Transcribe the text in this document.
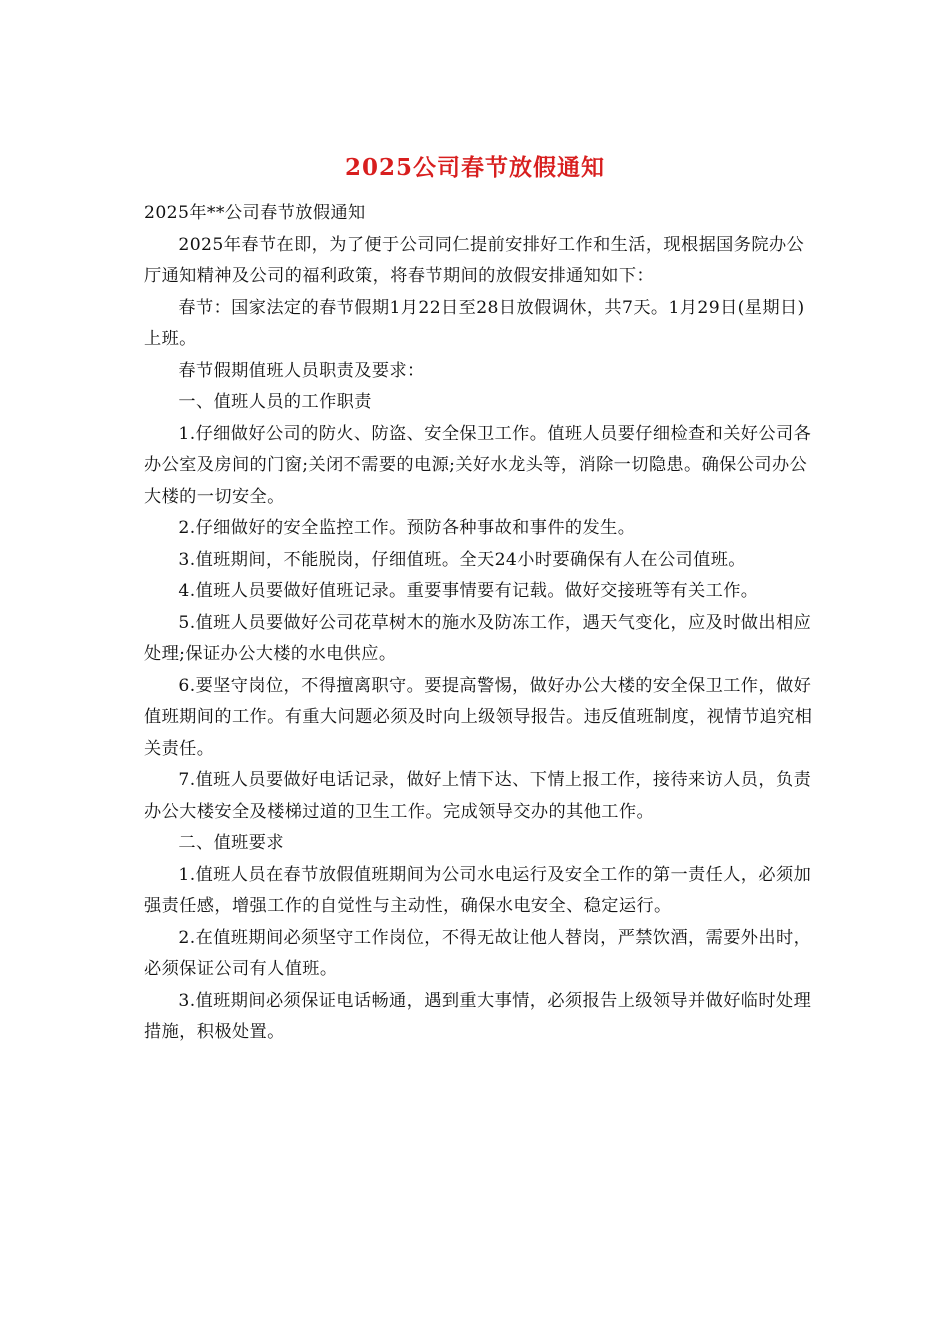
2025公司春节放假通知

2025年**公司春节放假通知

2025年春节在即，为了便于公司同仁提前安排好工作和生活，现根据国务院办公厅通知精神及公司的福利政策，将春节期间的放假安排通知如下：

春节：国家法定的春节假期1月22日至28日放假调休，共7天。1月29日(星期日)上班。

春节假期值班人员职责及要求：

一、值班人员的工作职责

1.仔细做好公司的防火、防盗、安全保卫工作。值班人员要仔细检查和关好公司各办公室及房间的门窗;关闭不需要的电源;关好水龙头等，消除一切隐患。确保公司办公大楼的一切安全。

2.仔细做好的安全监控工作。预防各种事故和事件的发生。

3.值班期间，不能脱岗，仔细值班。全天24小时要确保有人在公司值班。

4.值班人员要做好值班记录。重要事情要有记载。做好交接班等有关工作。

5.值班人员要做好公司花草树木的施水及防冻工作，遇天气变化，应及时做出相应处理;保证办公大楼的水电供应。

6.要坚守岗位，不得擅离职守。要提高警惕，做好办公大楼的安全保卫工作，做好值班期间的工作。有重大问题必须及时向上级领导报告。违反值班制度，视情节追究相关责任。

7.值班人员要做好电话记录，做好上情下达、下情上报工作，接待来访人员，负责办公大楼安全及楼梯过道的卫生工作。完成领导交办的其他工作。

二、值班要求

1.值班人员在春节放假值班期间为公司水电运行及安全工作的第一责任人，必须加强责任感，增强工作的自觉性与主动性，确保水电安全、稳定运行。

2.在值班期间必须坚守工作岗位，不得无故让他人替岗，严禁饮酒，需要外出时，必须保证公司有人值班。

3.值班期间必须保证电话畅通，遇到重大事情，必须报告上级领导并做好临时处理措施，积极处置。
